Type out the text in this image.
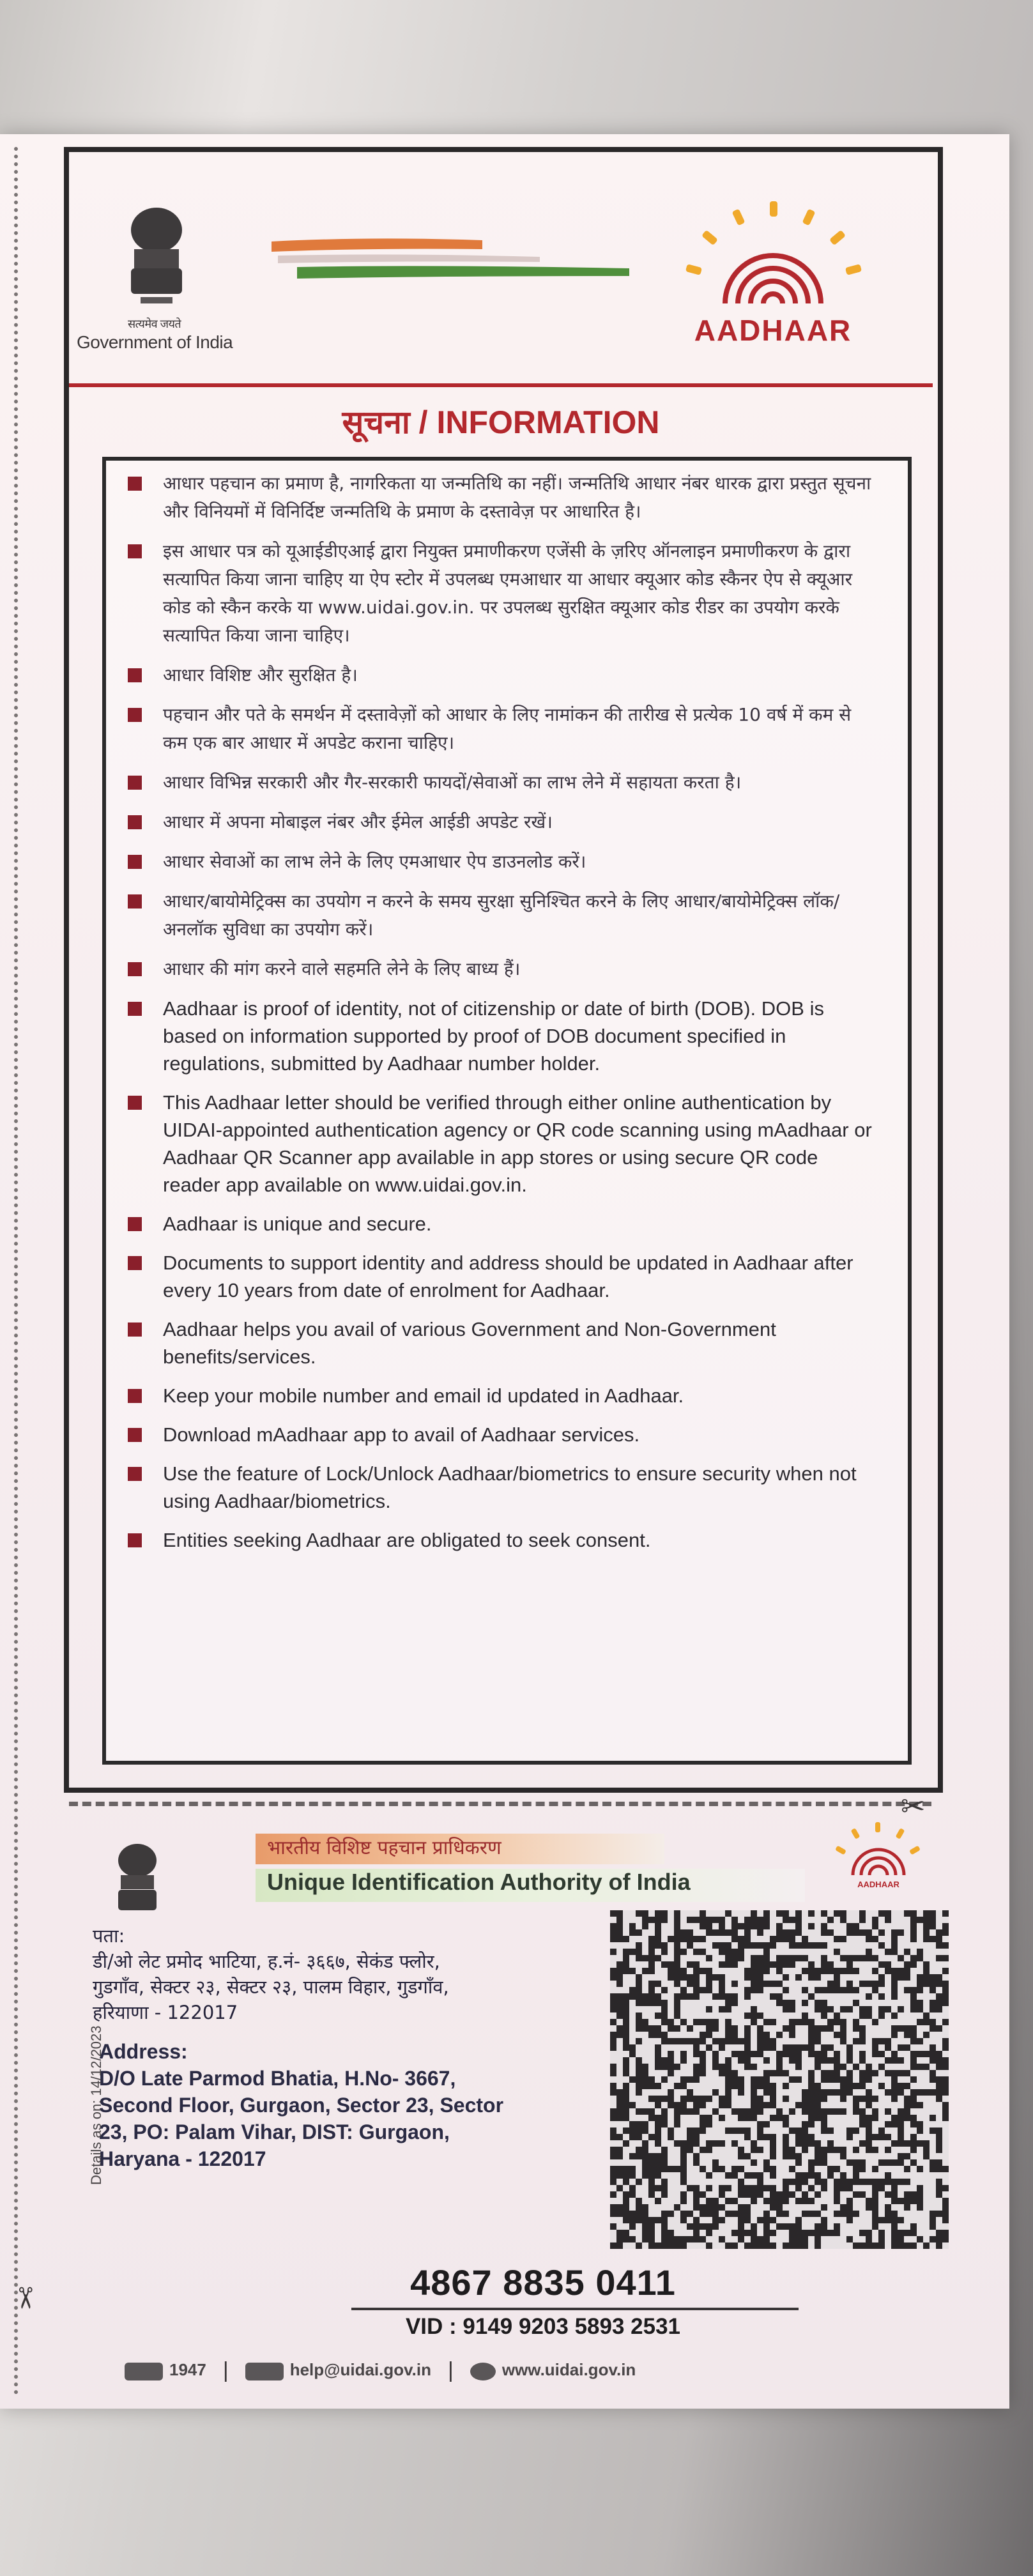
सत्यमेव जयते
Government of India	AADHAAR
सूचना / INFORMATION
आधार पहचान का प्रमाण है, नागरिकता या जन्मतिथि का नहीं। जन्मतिथि आधार नंबर धारक द्वारा प्रस्तुत सूचना और विनियमों में विनिर्दिष्ट जन्मतिथि के प्रमाण के दस्तावेज़ पर आधारित है।
इस आधार पत्र को यूआईडीएआई द्वारा नियुक्त प्रमाणीकरण एजेंसी के ज़रिए ऑनलाइन प्रमाणीकरण के द्वारा सत्यापित किया जाना चाहिए या ऐप स्टोर में उपलब्ध एमआधार या आधार क्यूआर कोड स्कैनर ऐप से क्यूआर कोड को स्कैन करके या www.uidai.gov.in. पर उपलब्ध सुरक्षित क्यूआर कोड रीडर का उपयोग करके सत्यापित किया जाना चाहिए।
आधार विशिष्ट और सुरक्षित है।
पहचान और पते के समर्थन में दस्तावेज़ों को आधार के लिए नामांकन की तारीख से प्रत्येक 10 वर्ष में कम से कम एक बार आधार में अपडेट कराना चाहिए।
आधार विभिन्न सरकारी और गैर-सरकारी फायदों/सेवाओं का लाभ लेने में सहायता करता है।
आधार में अपना मोबाइल नंबर और ईमेल आईडी अपडेट रखें।
आधार सेवाओं का लाभ लेने के लिए एमआधार ऐप डाउनलोड करें।
आधार/बायोमेट्रिक्स का उपयोग न करने के समय सुरक्षा सुनिश्चित करने के लिए आधार/बायोमेट्रिक्स लॉक/अनलॉक सुविधा का उपयोग करें।
आधार की मांग करने वाले सहमति लेने के लिए बाध्य हैं।
Aadhaar is proof of identity, not of citizenship or date of birth (DOB). DOB is based on information supported by proof of DOB document specified in regulations, submitted by Aadhaar number holder.
This Aadhaar letter should be verified through either online authentication by UIDAI-appointed authentication agency or QR code scanning using mAadhaar or Aadhaar QR Scanner app available in app stores or using secure QR code reader app available on www.uidai.gov.in.
Aadhaar is unique and secure.
Documents to support identity and address should be updated in Aadhaar after every 10 years from date of enrolment for Aadhaar.
Aadhaar helps you avail of various Government and Non-Government benefits/services.
Keep your mobile number and email id updated in Aadhaar.
Download mAadhaar app to avail of Aadhaar services.
Use the feature of Lock/Unlock Aadhaar/biometrics to ensure security when not using Aadhaar/biometrics.
Entities seeking Aadhaar are obligated to seek consent.
✂
✂
भारतीय विशिष्ट पहचान प्राधिकरण
Unique Identification Authority of India	AADHAAR
पता:
डी/ओ लेट प्रमोद भाटिया, ह.नं- ३६६७, सेकंड फ्लोर,
गुडगाँव, सेक्टर २३, सेक्टर २३, पालम विहार, गुडगाँव,
हरियाणा - 122017
Address:
D/O Late Parmod Bhatia, H.No- 3667,
Second Floor, Gurgaon, Sector 23, Sector
23, PO: Palam Vihar, DIST: Gurgaon,
Haryana - 122017
Details as on: 14/12/2023
4867 8835 0411
VID : 9149 9203 5893 2531
1947 |	help@uidai.gov.in |	www.uidai.gov.in
